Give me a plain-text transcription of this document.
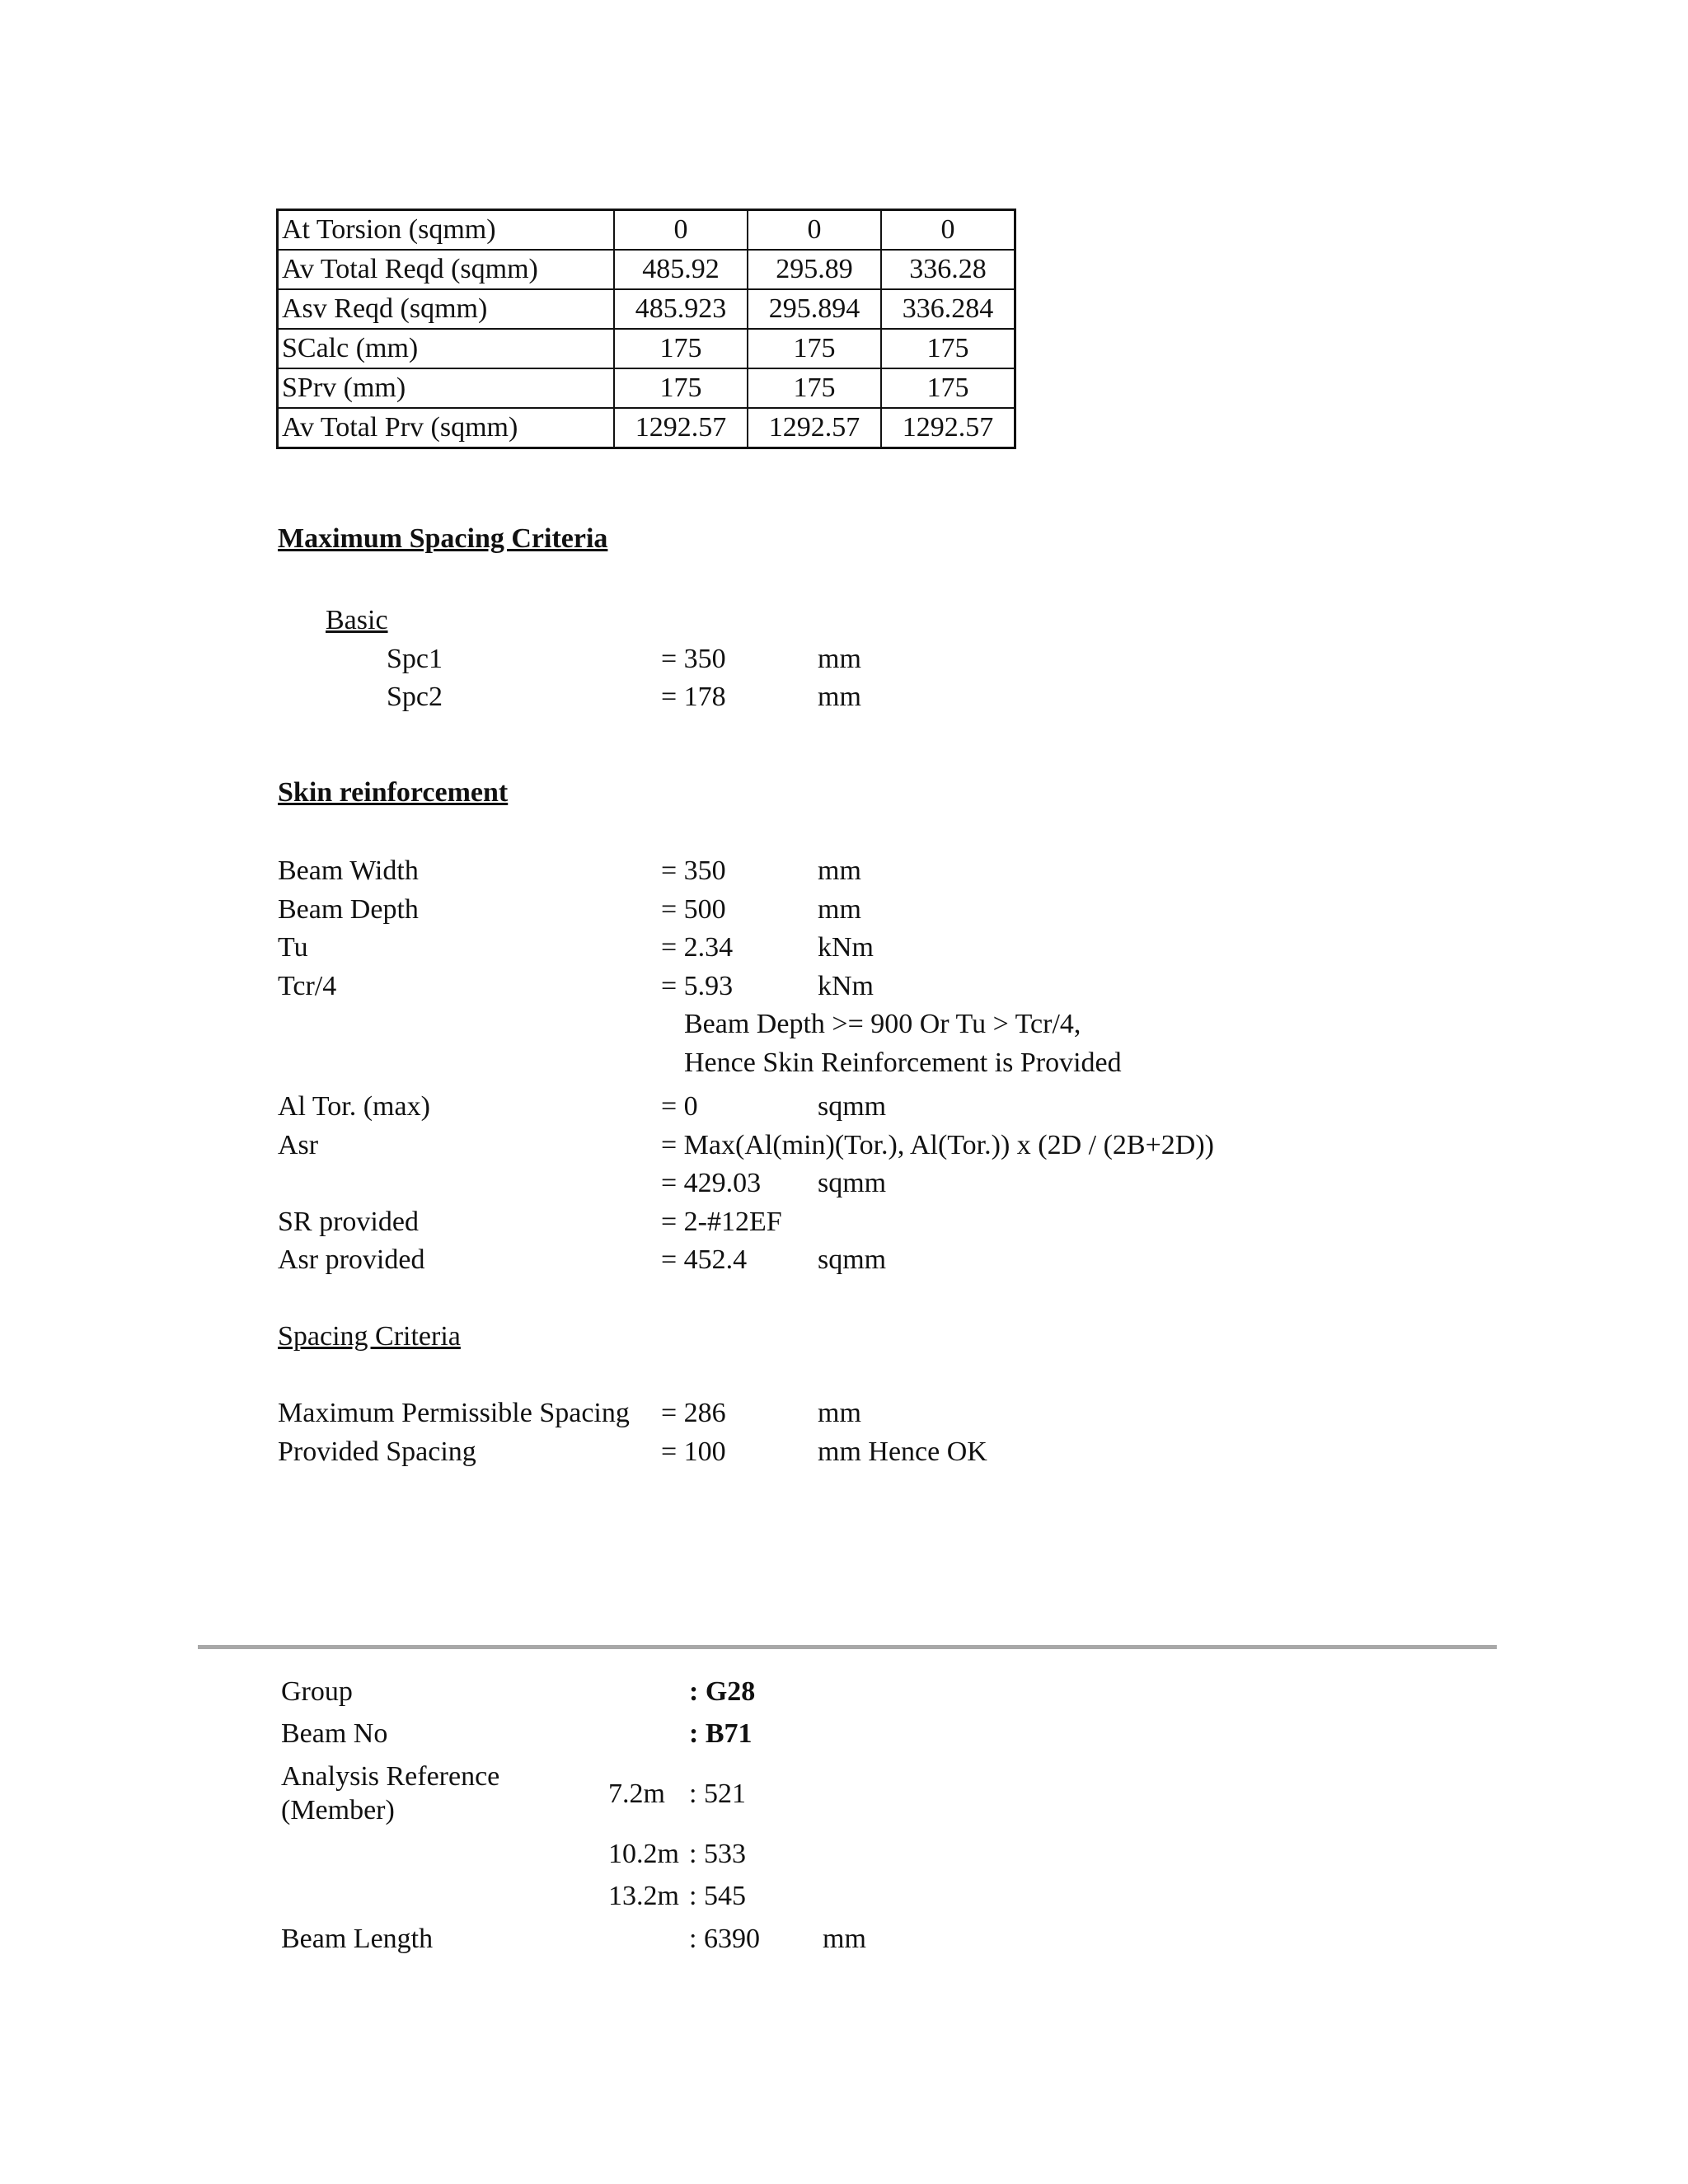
At Torsion (sqmm)	0	0	0
Av Total Reqd (sqmm)	485.92	295.89	336.28
Asv Reqd (sqmm)	485.923	295.894	336.284
SCalc (mm)	175	175	175
SPrv (mm)	175	175	175
Av Total Prv (sqmm)	1292.57	1292.57	1292.57
Maximum Spacing Criteria
Basic
Spc1	= 350	mm
Spc2	= 178	mm
Skin reinforcement
Beam Width	= 350	mm
Beam Depth	= 500	mm
Tu	= 2.34	kNm
Tcr/4	= 5.93	kNm
Beam Depth >= 900 Or Tu > Tcr/4,
Hence Skin Reinforcement is Provided
Al Tor. (max)	= 0	sqmm
Asr	= Max(Al(min)(Tor.), Al(Tor.)) x (2D / (2B+2D))
= 429.03 sqmm
SR provided	= 2-#12EF
Asr provided	= 452.4	sqmm
Spacing Criteria
Maximum Permissible Spacing = 286	mm
Provided Spacing	= 100	mm Hence OK
Group	: G28
Beam No	: B71
Analysis Reference
(Member)
7.2m : 521
10.2m : 533
13.2m : 545
Beam Length	: 6390 mm
